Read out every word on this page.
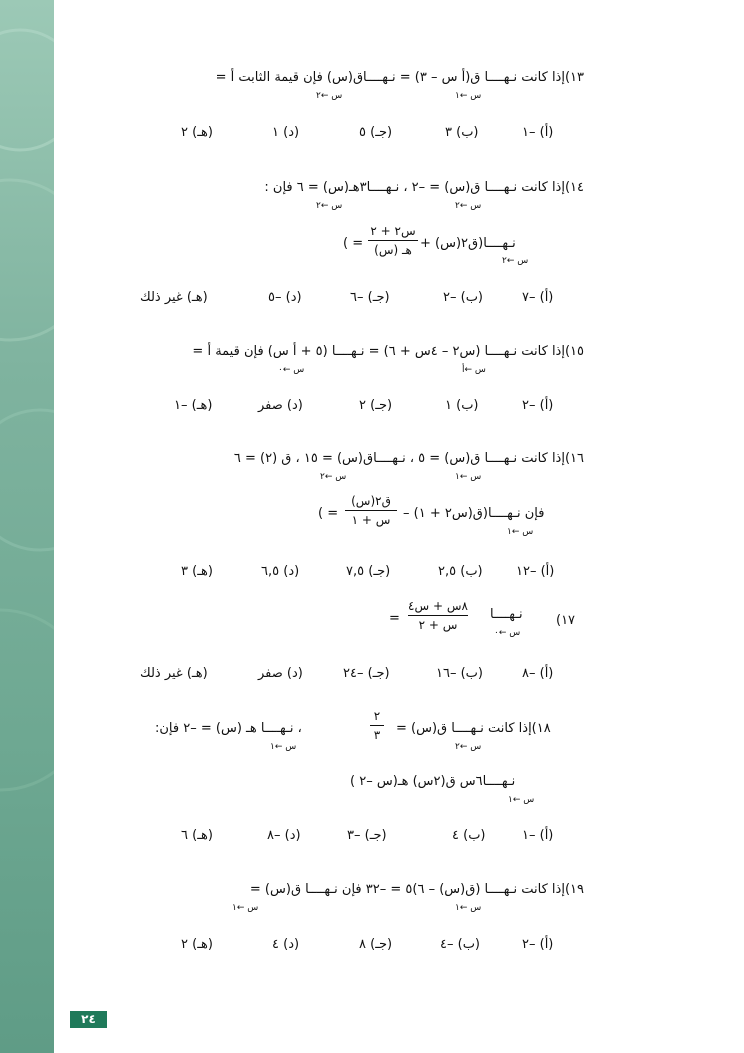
٢٤
١٣)إذا كانت نـهــــا ق(أ س – ٣) = نـهــــاق(س) فإن قيمة الثابت أ =
س ←١
س ←٢
(أ) –١
(ب) ٣
(جـ) ٥
(د) ١
(هـ) ٢
١٤)إذا كانت نـهــــا ق(س) = –٢ ، نـهــــا٣هـ(س) = ٦ فإن :
س ←٢
س ←٢
نـهــــا(ق٢(س) +
س٢ + ٢
هـ (س)
= )
س ←٢
(أ) –٧
(ب) –٢
(جـ) –٦
(د) –٥
(هـ) غير ذلك
١٥)إذا كانت نـهــــا (س٢ – ٤س + ٦) = نـهــــا (٥ + أ س) فإن قيمة أ =
س ←أ
س ←٠
(أ) –٢
(ب) ١
(جـ) ٢
(د) صفر
(هـ) –١
١٦)إذا كانت نـهــــا ق(س) = ٥ ، نـهــــاق(س) = ١٥ ، ق (٢) = ٦
س ←١
س ←٢
فإن نـهــــا(ق(س٢ + ١) –
ق٢(س)
س + ١
= )
س ←١
(أ) –١٢
(ب) ٢,٥
(جـ) ٧,٥
(د) ٦,٥
(هـ) ٣
١٧)
نـهــــا
س ←٠
٨س + س٤
س + ٢
=
(أ) –٨
(ب) –١٦
(جـ) –٢٤
(د) صفر
(هـ) غير ذلك
١٨)إذا كانت نـهــــا ق(س) =
٢
٣
، نـهــــا هـ (س) = –٢ فإن:
س ←٢
س ←١
نـهــــا٦س ق(٢س) هـ(س –٢ )
س ←١
(أ) –١
(ب) ٤
(جـ) –٣
(د) –٨
(هـ) ٦
١٩)إذا كانت نـهــــا (ق(س) – ٦)٥ = –٣٢ فإن نـهــــا ق(س) =
س ←١
س ←١
(أ) –٢
(ب) –٤
(جـ) ٨
(د) ٤
(هـ) ٢
